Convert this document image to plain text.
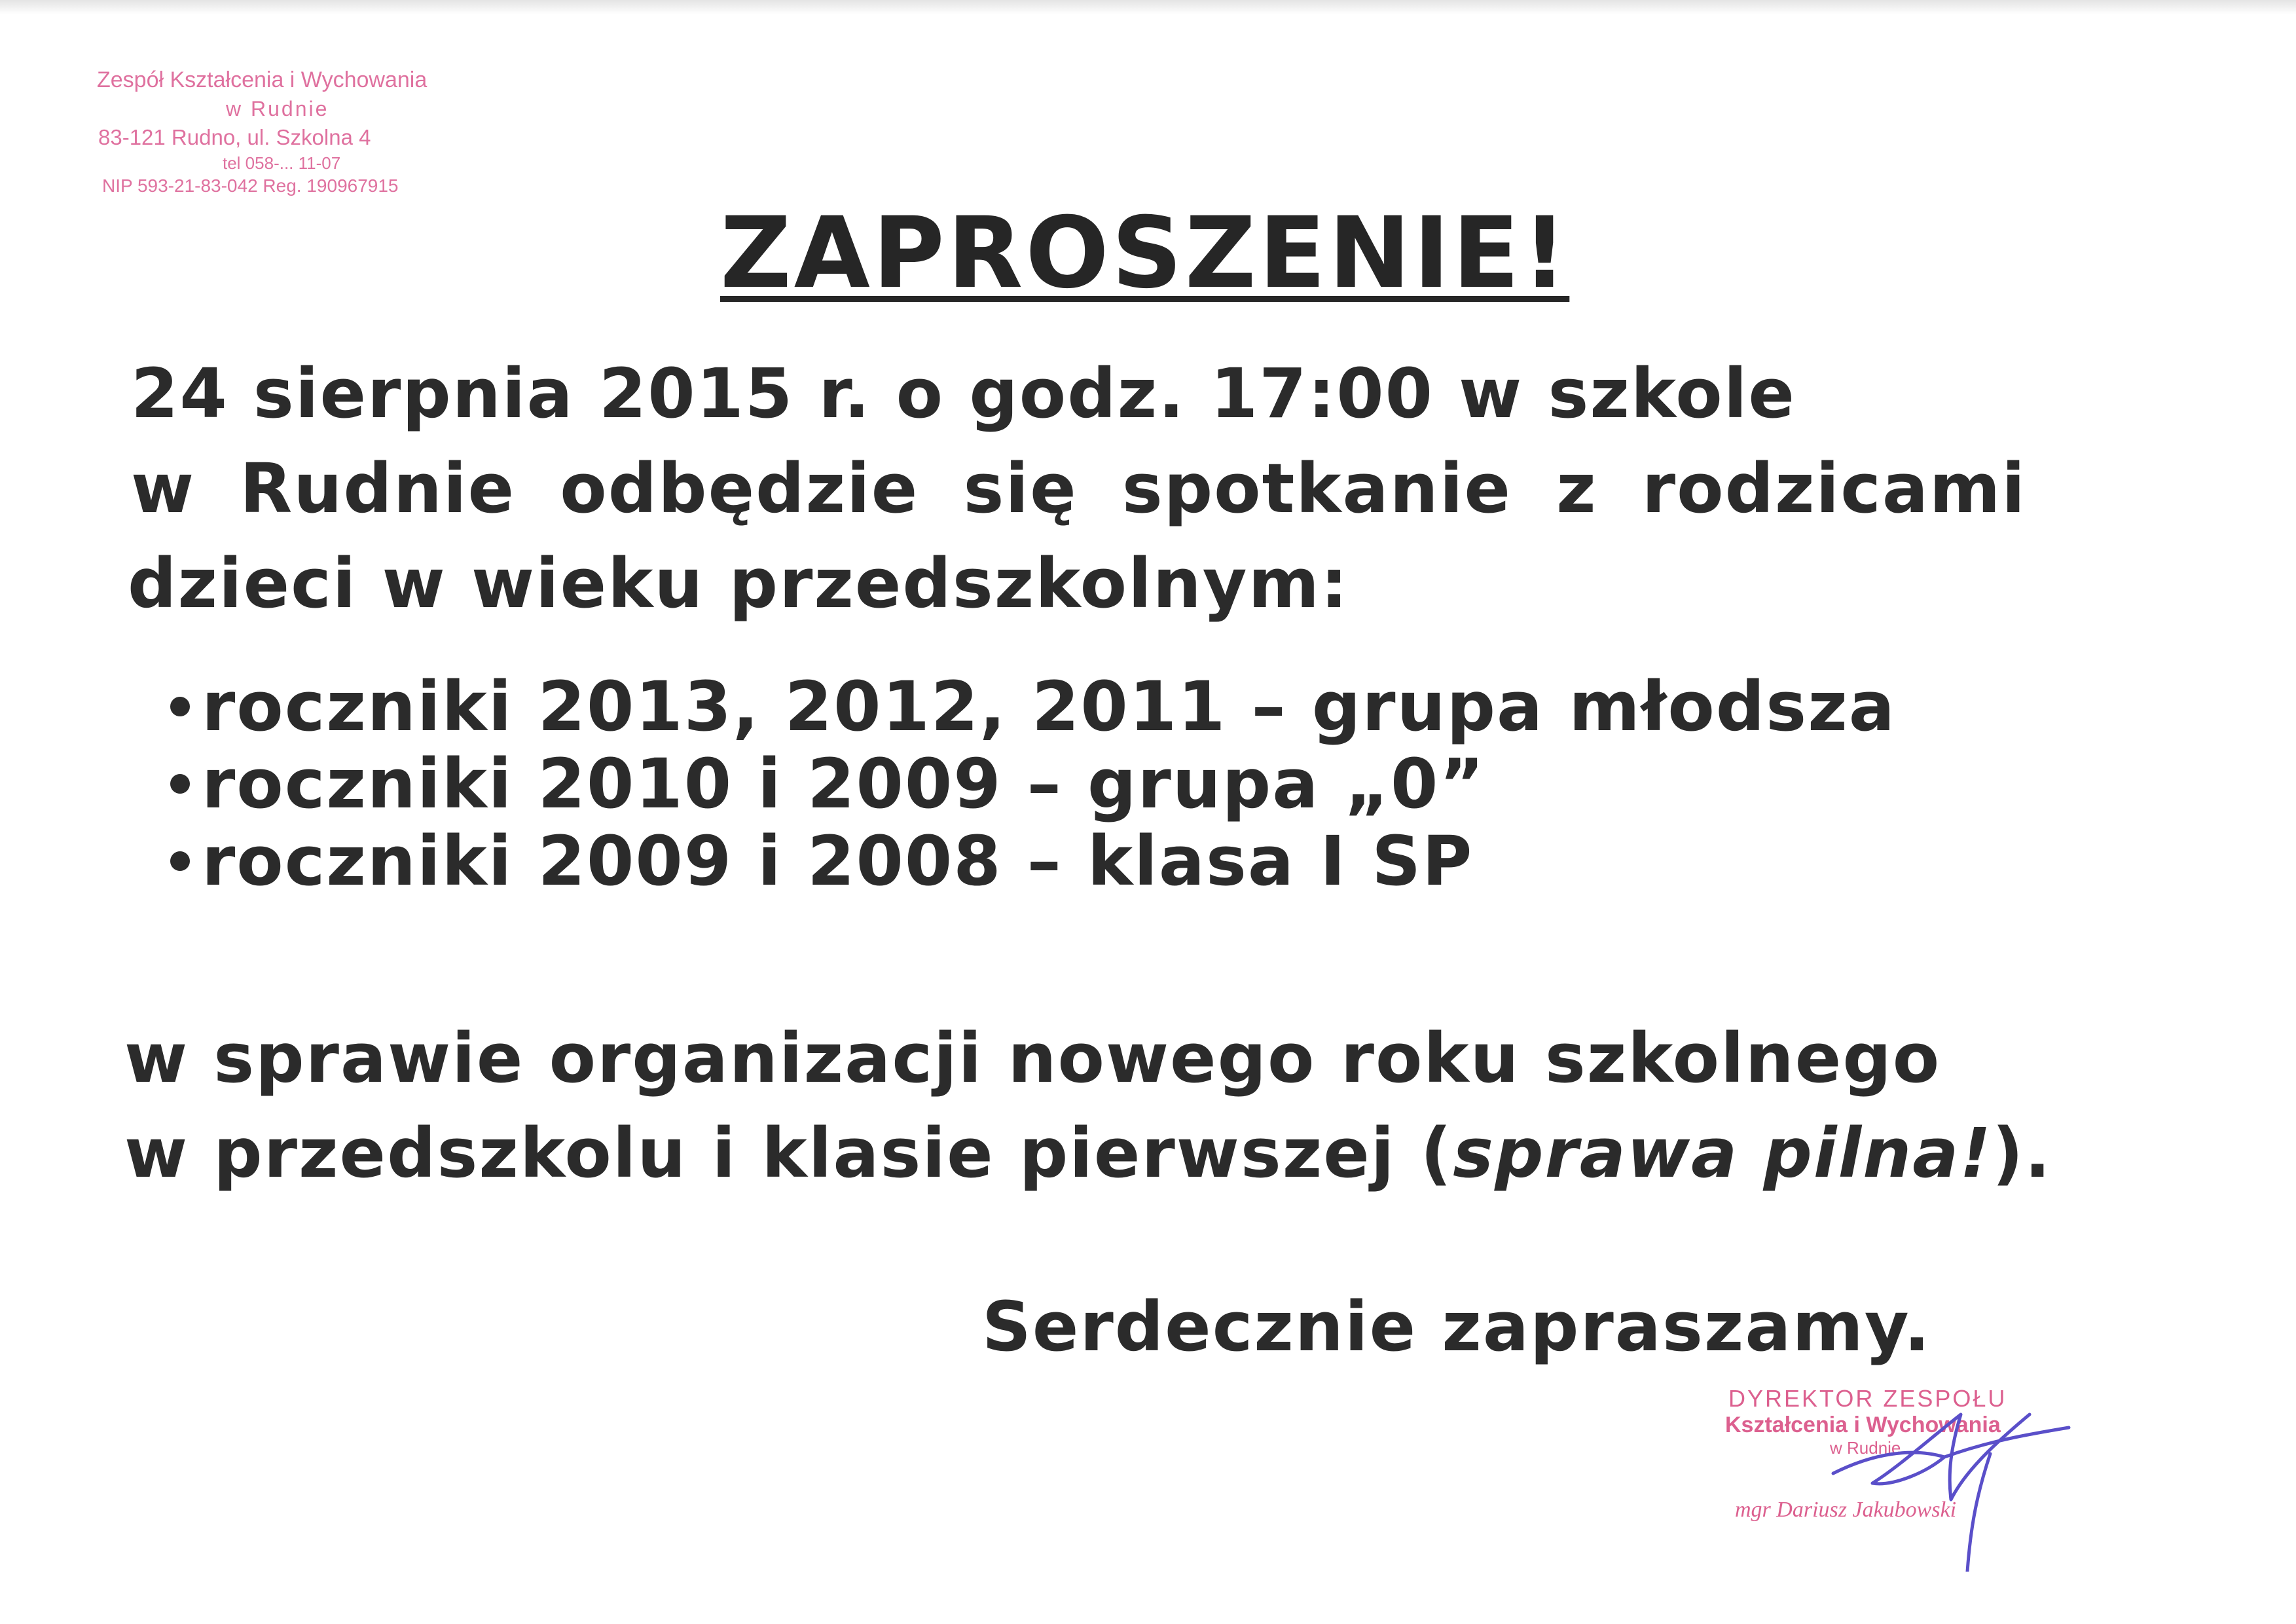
Zespół Kształcenia i Wychowania
w Rudnie
83-121 Rudno, ul. Szkolna 4
tel 058-... 11-07
NIP 593-21-83-042 Reg. 190967915
ZAPROSZENIE!
24 sierpnia 2015 r. o godz. 17:00 w szkole
w Rudnie odbędzie się spotkanie z rodzicami
dzieci w wieku przedszkolnym:
roczniki 2013, 2012, 2011 – grupa młodsza
roczniki 2010 i 2009 – grupa „0”
roczniki 2009 i 2008 – klasa I SP
w sprawie organizacji nowego roku szkolnego
w przedszkolu i klasie pierwszej (sprawa pilna!).
Serdecznie zapraszamy.
DYREKTOR ZESPOŁU
Kształcenia i Wychowania
w Rudnie
mgr Dariusz Jakubowski
